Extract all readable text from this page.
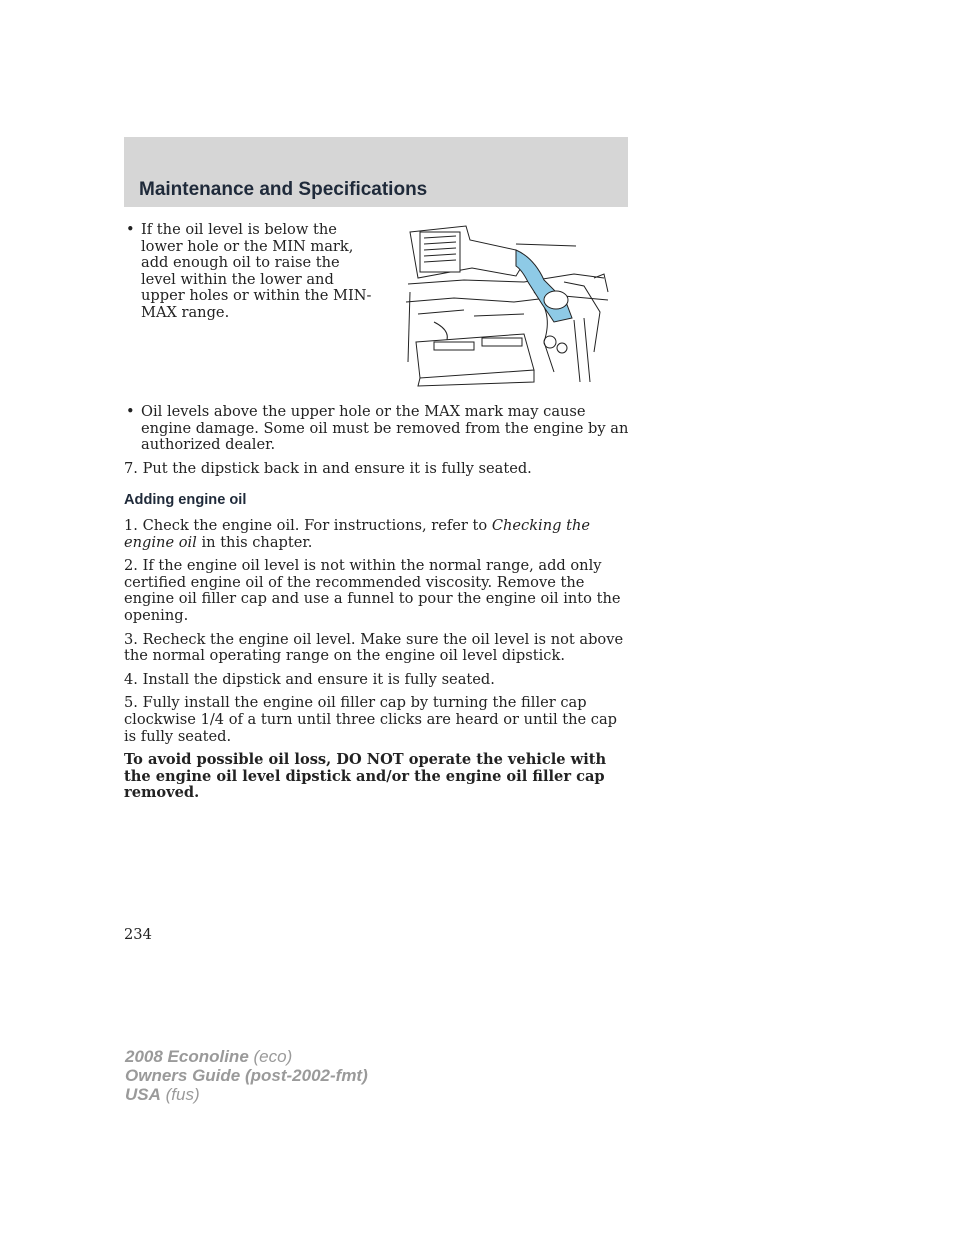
Maintenance and Specifications
• If the oil level is below the lower hole or the MIN mark, add enough oil to raise the level within the lower and upper holes or within the MIN-MAX range.
• Oil levels above the upper hole or the MAX mark may cause engine damage. Some oil must be removed from the engine by an authorized dealer.

7. Put the dipstick back in and ensure it is fully seated.

Adding engine oil

1. Check the engine oil. For instructions, refer to Checking the engine oil in this chapter.

2. If the engine oil level is not within the normal range, add only certified engine oil of the recommended viscosity. Remove the engine oil filler cap and use a funnel to pour the engine oil into the opening.

3. Recheck the engine oil level. Make sure the oil level is not above the normal operating range on the engine oil level dipstick.

4. Install the dipstick and ensure it is fully seated.

5. Fully install the engine oil filler cap by turning the filler cap clockwise 1/4 of a turn until three clicks are heard or until the cap is fully seated.

To avoid possible oil loss, DO NOT operate the vehicle with the engine oil level dipstick and/or the engine oil filler cap removed.

234
2008 Econoline (eco)
Owners Guide (post-2002-fmt)
USA (fus)
